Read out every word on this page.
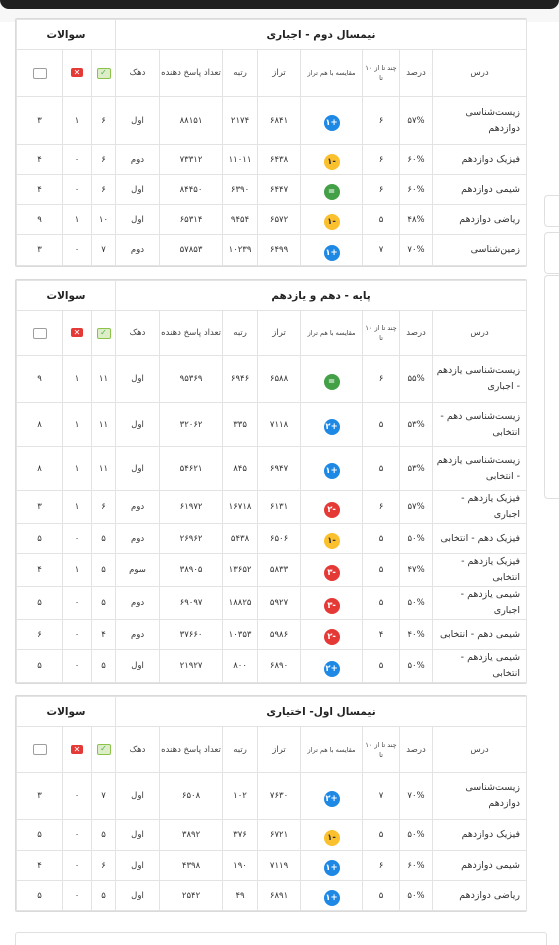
نیمسال دوم - اجباری								سوالات		
درس	درصد	چند تا از ۱۰ تا	مقایسه با هم تراز	تراز	رتبه	تعداد پاسخ دهنده	دهک	✓	✕	
زیست‌شناسی دوازدهم	۵۷%	۶	+۱	۶۸۴۱	۲۱۷۴	۸۸۱۵۱	اول	۶	۱	۳
فیزیک دوازدهم	۶۰%	۶	-۱	۶۴۳۸	۱۱۰۱۱	۷۳۳۱۲	دوم	۶	۰	۴
شیمی دوازدهم	۶۰%	۶	=	۶۴۴۷	۶۳۹۰	۸۴۴۵۰	اول	۶	۰	۴
ریاضی دوازدهم	۴۸%	۵	-۱	۶۵۷۲	۹۴۵۴	۶۵۳۱۴	اول	۱۰	۱	۹
زمین‌شناسی	۷۰%	۷	+۱	۶۴۹۹	۱۰۲۳۹	۵۷۸۵۳	دوم	۷	۰	۳
پایه - دهم و یازدهم								سوالات		
درس	درصد	چند تا از ۱۰ تا	مقایسه با هم تراز	تراز	رتبه	تعداد پاسخ دهنده	دهک	✓	✕	
زیست‌شناسی یازدهم - اجباری	۵۵%	۶	=	۶۵۸۸	۶۹۴۶	۹۵۳۶۹	اول	۱۱	۱	۹
زیست‌شناسی دهم - انتخابی	۵۳%	۵	+۲	۷۱۱۸	۳۳۵	۳۲۰۶۲	اول	۱۱	۱	۸
زیست‌شناسی یازدهم - انتخابی	۵۳%	۵	+۱	۶۹۴۷	۸۴۵	۵۴۶۲۱	اول	۱۱	۱	۸
فیزیک یازدهم - اجباری	۵۷%	۶	-۲	۶۱۳۱	۱۶۷۱۸	۶۱۹۷۲	دوم	۶	۱	۳
فیزیک دهم - انتخابی	۵۰%	۵	-۱	۶۵۰۶	۵۴۳۸	۲۶۹۶۲	دوم	۵	۰	۵
فیزیک یازدهم - انتخابی	۴۷%	۵	-۳	۵۸۳۳	۱۳۶۵۲	۳۸۹۰۵	سوم	۵	۱	۴
شیمی یازدهم - اجباری	۵۰%	۵	-۳	۵۹۲۷	۱۸۸۲۵	۶۹۰۹۷	دوم	۵	۰	۵
شیمی دهم - انتخابی	۴۰%	۴	-۲	۵۹۸۶	۱۰۳۵۳	۳۷۶۶۰	دوم	۴	۰	۶
شیمی یازدهم - انتخابی	۵۰%	۵	+۲	۶۸۹۰	۸۰۰	۲۱۹۲۷	اول	۵	۰	۵
نیمسال اول- اختیاری								سوالات		
درس	درصد	چند تا از ۱۰ تا	مقایسه با هم تراز	تراز	رتبه	تعداد پاسخ دهنده	دهک	✓	✕	
زیست‌شناسی دوازدهم	۷۰%	۷	+۲	۷۶۳۰	۱۰۲	۶۵۰۸	اول	۷	۰	۳
فیزیک دوازدهم	۵۰%	۵	-۱	۶۷۲۱	۳۷۶	۳۸۹۲	اول	۵	۰	۵
شیمی دوازدهم	۶۰%	۶	+۱	۷۱۱۹	۱۹۰	۴۳۹۸	اول	۶	۰	۴
ریاضی دوازدهم	۵۰%	۵	+۱	۶۸۹۱	۴۹	۲۵۴۲	اول	۵	۰	۵
